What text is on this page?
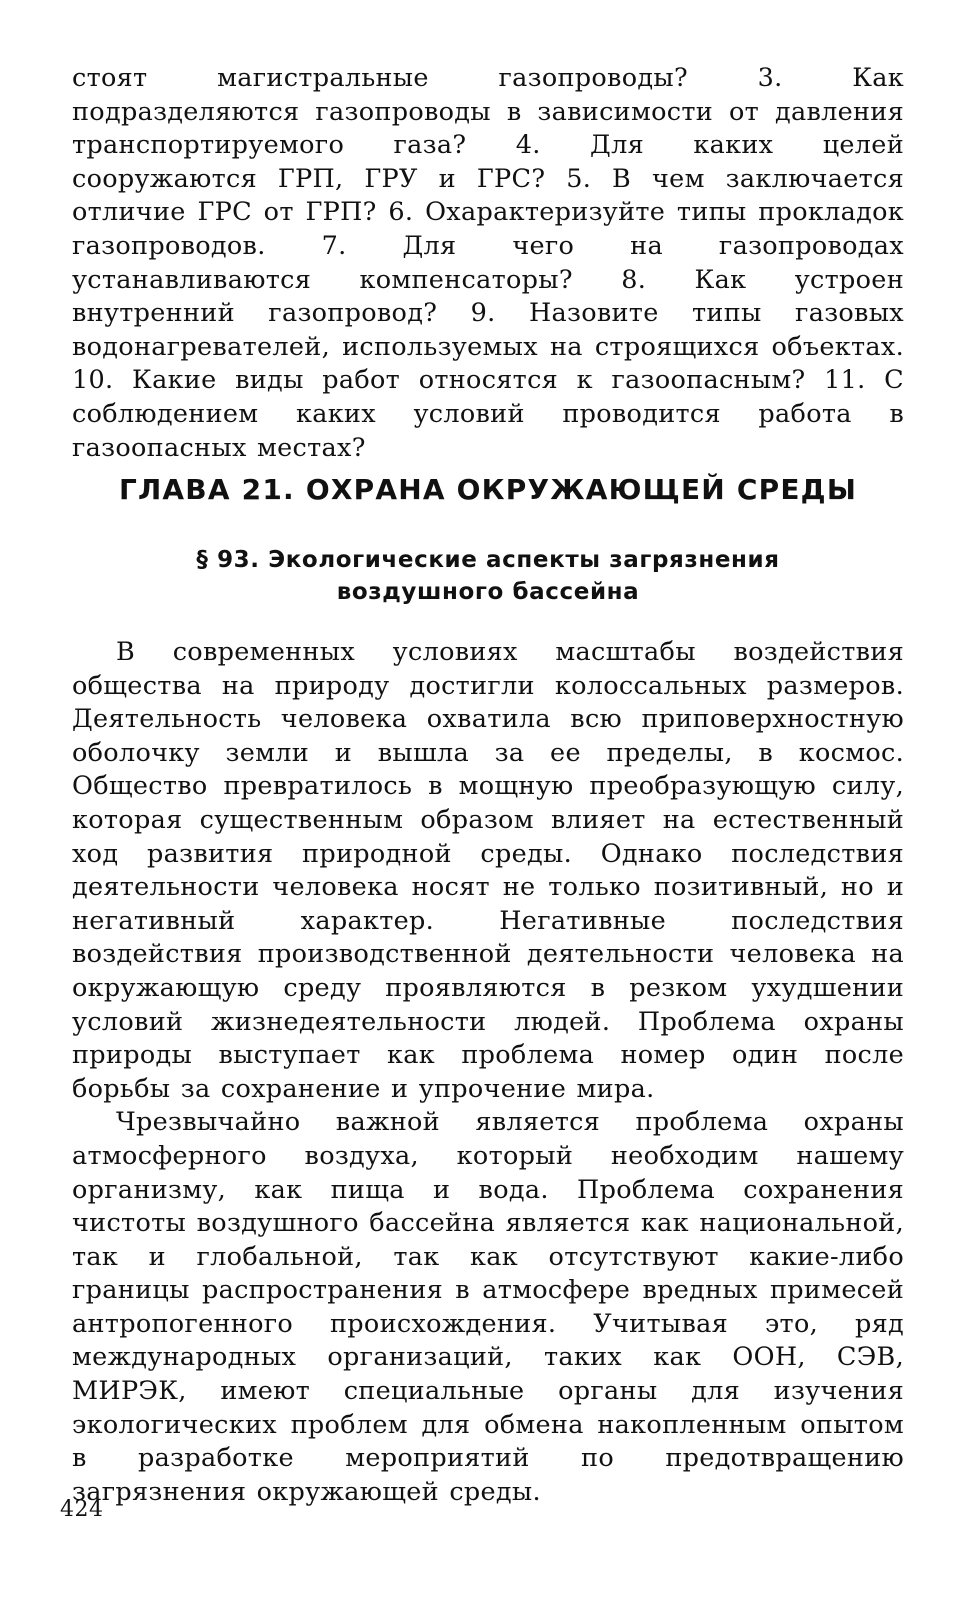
стоят магистральные газопроводы? 3. Как подразделяются газопроводы в зависимости от давления транспортируемого газа? 4. Для каких целей сооружаются ГРП, ГРУ и ГРС? 5. В чем заключается отличие ГРС от ГРП? 6. Охарактеризуйте типы прокладок газопроводов. 7. Для чего на газопроводах устанавливаются компенсаторы? 8. Как устроен внутренний газопровод? 9. Назовите типы газовых водонагревателей, используемых на строящихся объектах. 10. Какие виды работ относятся к газоопасным? 11. С соблюдением каких условий проводится работа в газоопасных местах?
ГЛАВА 21. ОХРАНА ОКРУЖАЮЩЕЙ СРЕДЫ
§ 93. Экологические аспекты загрязнения
воздушного бассейна

В современных условиях масштабы воздействия общества на природу достигли колоссальных размеров. Деятельность человека охватила всю приповерхностную оболочку земли и вышла за ее пределы, в космос. Общество превратилось в мощную преобразующую силу, которая существенным образом влияет на естественный ход развития природной среды. Однако последствия деятельности человека носят не только позитивный, но и негативный характер. Негативные последствия воздействия производственной деятельности человека на окружающую среду проявляются в резком ухудшении условий жизнедеятельности людей. Проблема охраны природы выступает как проблема номер один после борьбы за сохранение и упрочение мира.

Чрезвычайно важной является проблема охраны атмосферного воздуха, который необходим нашему организму, как пища и вода. Проблема сохранения чистоты воздушного бассейна является как национальной, так и глобальной, так как отсутствуют какие-либо границы распространения в атмосфере вредных примесей антропогенного происхождения. Учитывая это, ряд международных организаций, таких как ООН, СЭВ, МИРЭК, имеют специальные органы для изучения экологических проблем для обмена накопленным опытом в разработке мероприятий по предотвращению загрязнения окружающей среды.

424
